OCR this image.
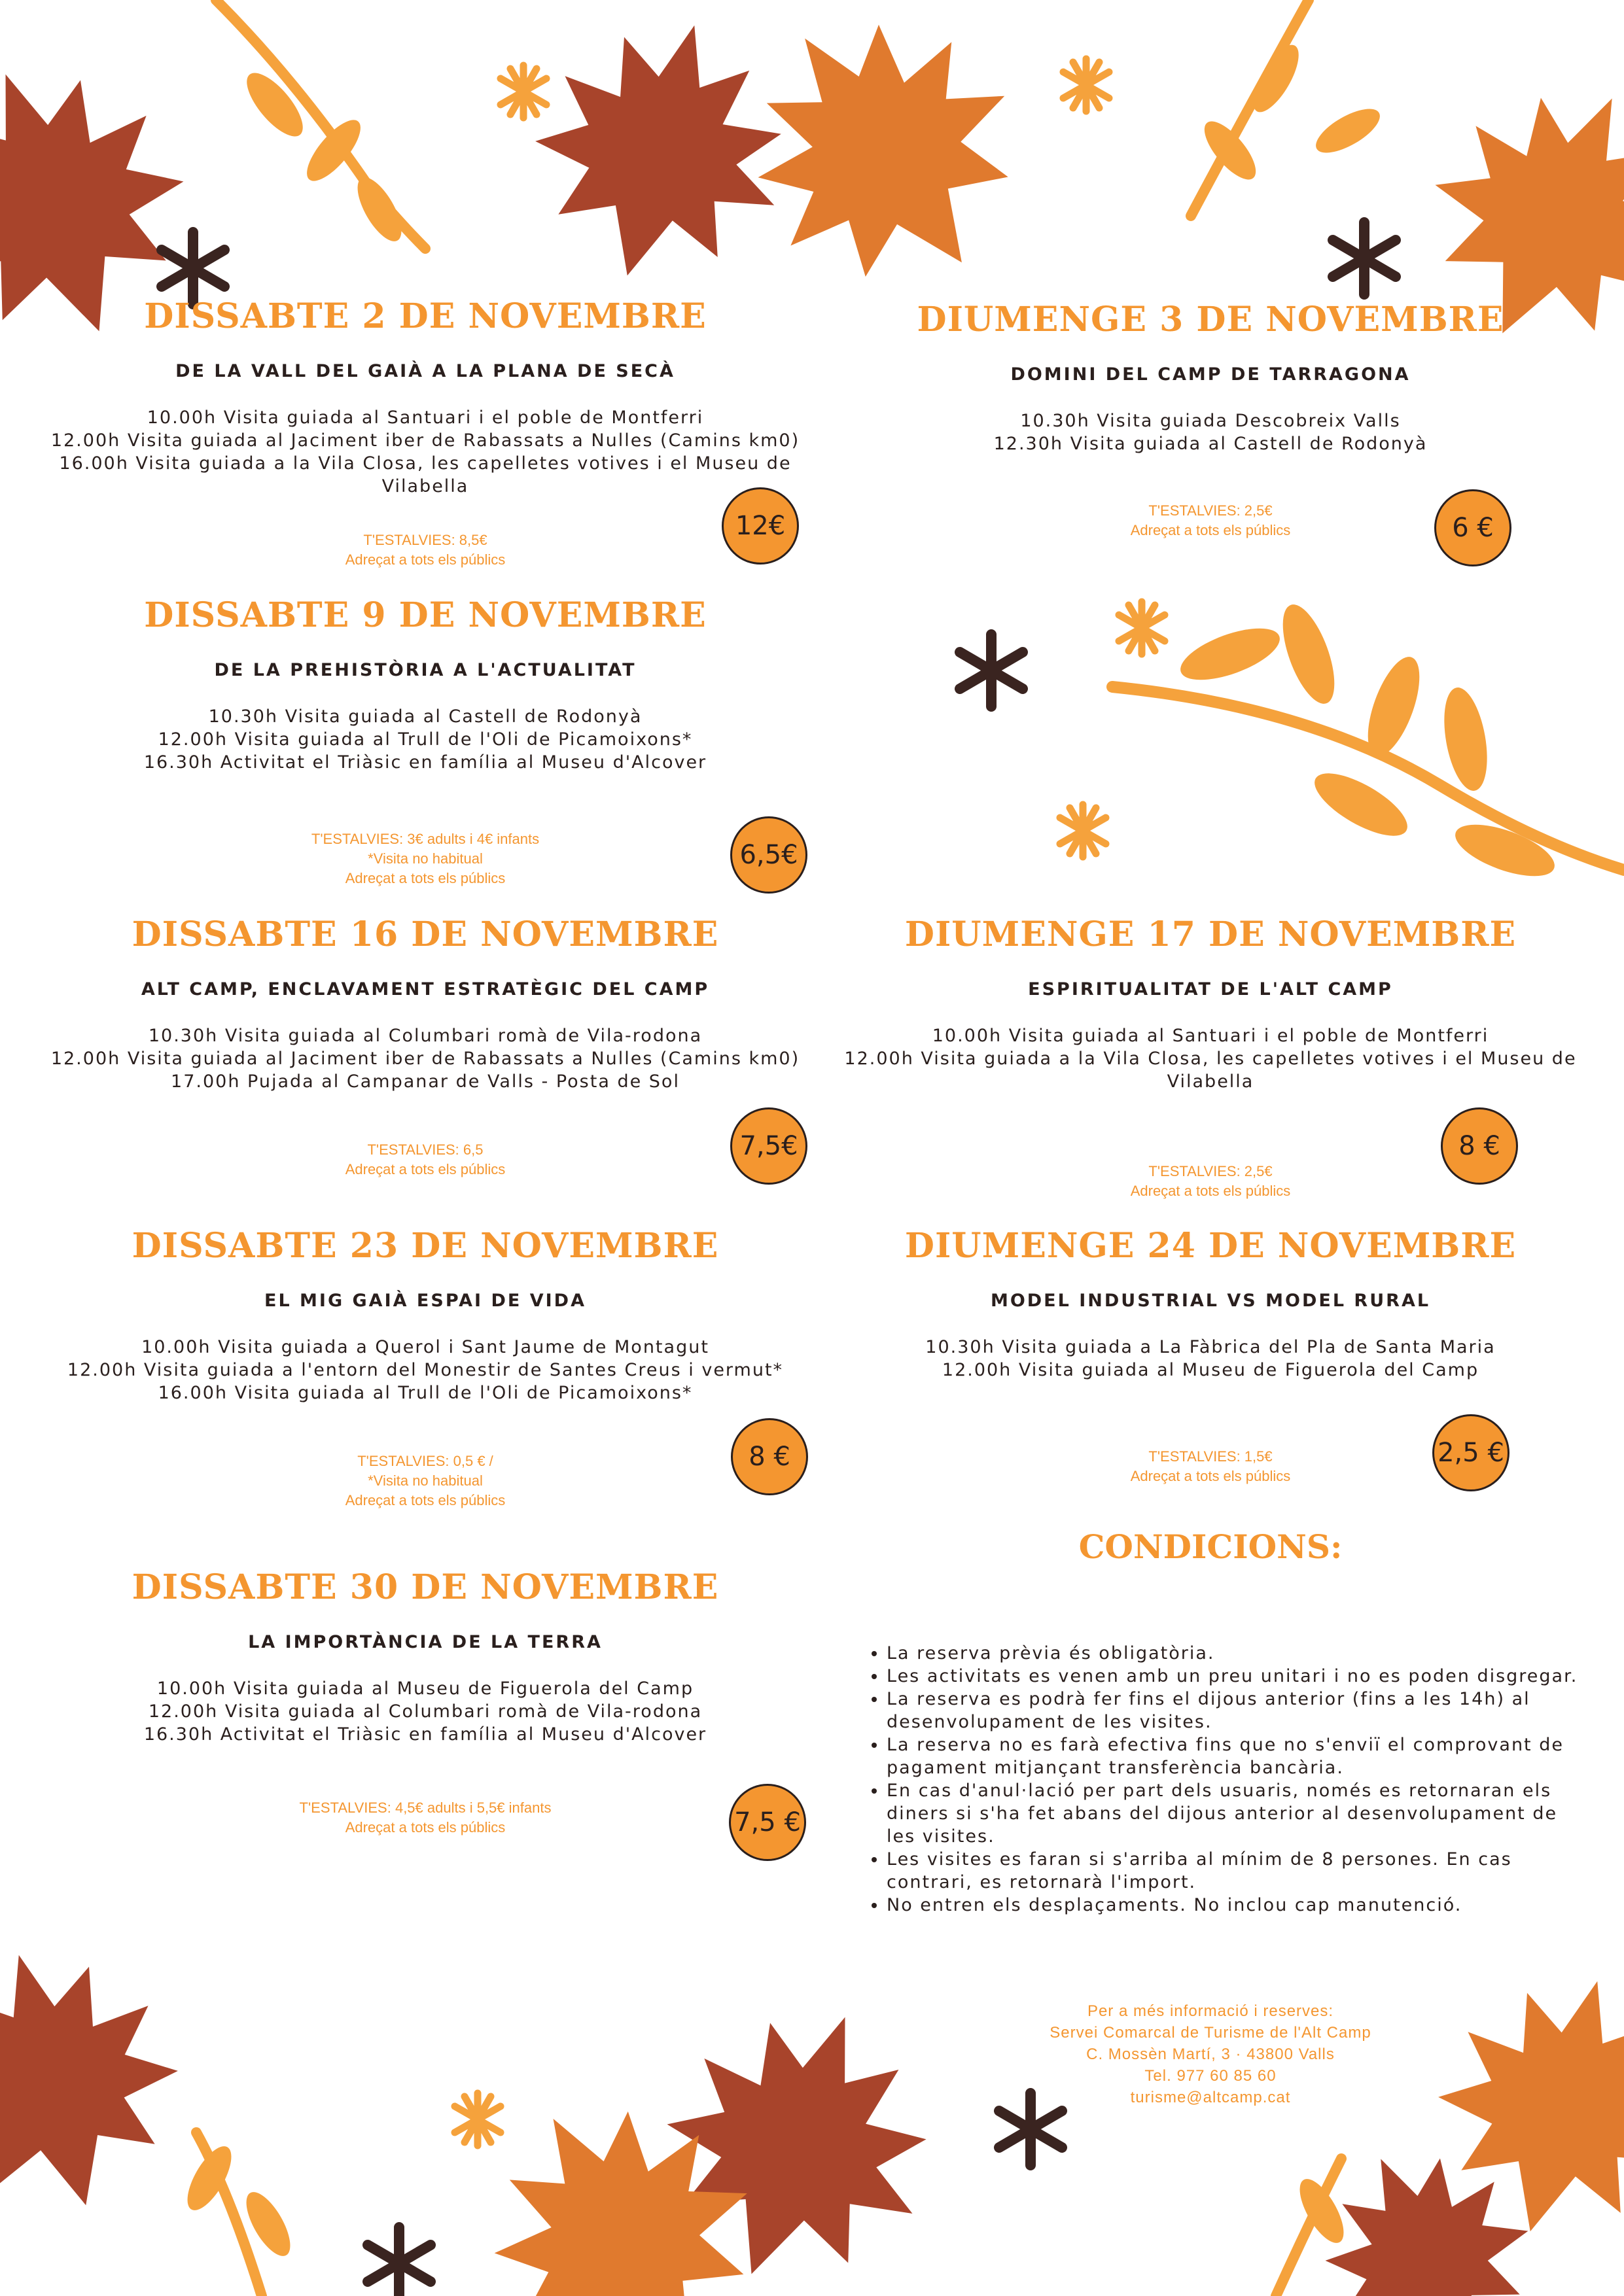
DISSABTE 2 DE NOVEMBRE
DE LA VALL DEL GAIÀ A LA PLANA DE SECÀ
10.00h Visita guiada al Santuari i el poble de Montferri
12.00h Visita guiada al Jaciment iber de Rabassats a Nulles (Camins km0)
16.00h Visita guiada a la Vila Closa, les capelletes votives i el Museu de Vilabella
T'ESTALVIES: 8,5€
Adreçat a tots els públics
12€
DIUMENGE 3 DE NOVEMBRE
DOMINI DEL CAMP DE TARRAGONA
10.30h Visita guiada Descobreix Valls
12.30h Visita guiada al Castell de Rodonyà
T'ESTALVIES: 2,5€
Adreçat a tots els públics	6 €
DISSABTE 9 DE NOVEMBRE
DE LA PREHISTÒRIA A L'ACTUALITAT
10.30h Visita guiada al Castell de Rodonyà
12.00h Visita guiada al Trull de l'Oli de Picamoixons*
16.30h Activitat el Triàsic en família al Museu d'Alcover
T'ESTALVIES: 3€ adults i 4€ infants
*Visita no habitual
Adreçat a tots els públics
6,5€
DISSABTE 16 DE NOVEMBRE
ALT CAMP, ENCLAVAMENT ESTRATÈGIC DEL CAMP
10.30h Visita guiada al Columbari romà de Vila-rodona
12.00h Visita guiada al Jaciment iber de Rabassats a Nulles (Camins km0)
17.00h Pujada al Campanar de Valls - Posta de Sol
T'ESTALVIES: 6,5
Adreçat a tots els públics
7,5€
DIUMENGE 17 DE NOVEMBRE
ESPIRITUALITAT DE L'ALT CAMP
10.00h Visita guiada al Santuari i el poble de Montferri
12.00h Visita guiada a la Vila Closa, les capelletes votives i el Museu de Vilabella
T'ESTALVIES: 2,5€
Adreçat a tots els públics
8 €
DISSABTE 23 DE NOVEMBRE
EL MIG GAIÀ ESPAI DE VIDA
10.00h Visita guiada a Querol i Sant Jaume de Montagut
12.00h Visita guiada a l'entorn del Monestir de Santes Creus i vermut*
16.00h Visita guiada al Trull de l'Oli de Picamoixons*
T'ESTALVIES: 0,5 € /
*Visita no habitual
Adreçat a tots els públics
8 €
DIUMENGE 24 DE NOVEMBRE
MODEL INDUSTRIAL VS MODEL RURAL
10.30h Visita guiada a La Fàbrica del Pla de Santa Maria
12.00h Visita guiada al Museu de Figuerola del Camp
T'ESTALVIES: 1,5€
Adreçat a tots els públics
2,5 €
DISSABTE 30 DE NOVEMBRE
LA IMPORTÀNCIA DE LA TERRA
10.00h Visita guiada al Museu de Figuerola del Camp
12.00h Visita guiada al Columbari romà de Vila-rodona
16.30h Activitat el Triàsic en família al Museu d'Alcover
T'ESTALVIES: 4,5€ adults i 5,5€ infants
Adreçat a tots els públics	7,5 €
CONDICIONS:
• La reserva prèvia és obligatòria.
• Les activitats es venen amb un preu unitari i no es poden disgregar.
• La reserva es podrà fer fins el dijous anterior (fins a les 14h) al desenvolupament de les visites.
• La reserva no es farà efectiva fins que no s'enviï el comprovant de pagament mitjançant transferència bancària.
• En cas d'anul·lació per part dels usuaris, només es retornaran els diners si s'ha fet abans del dijous anterior al desenvolupament de les visites.
• Les visites es faran si s'arriba al mínim de 8 persones. En cas contrari, es retornarà l'import.
• No entren els desplaçaments. No inclou cap manutenció.
Per a més informació i reserves:
Servei Comarcal de Turisme de l'Alt Camp
C. Mossèn Martí, 3 · 43800 Valls
Tel. 977 60 85 60
turisme@altcamp.cat
